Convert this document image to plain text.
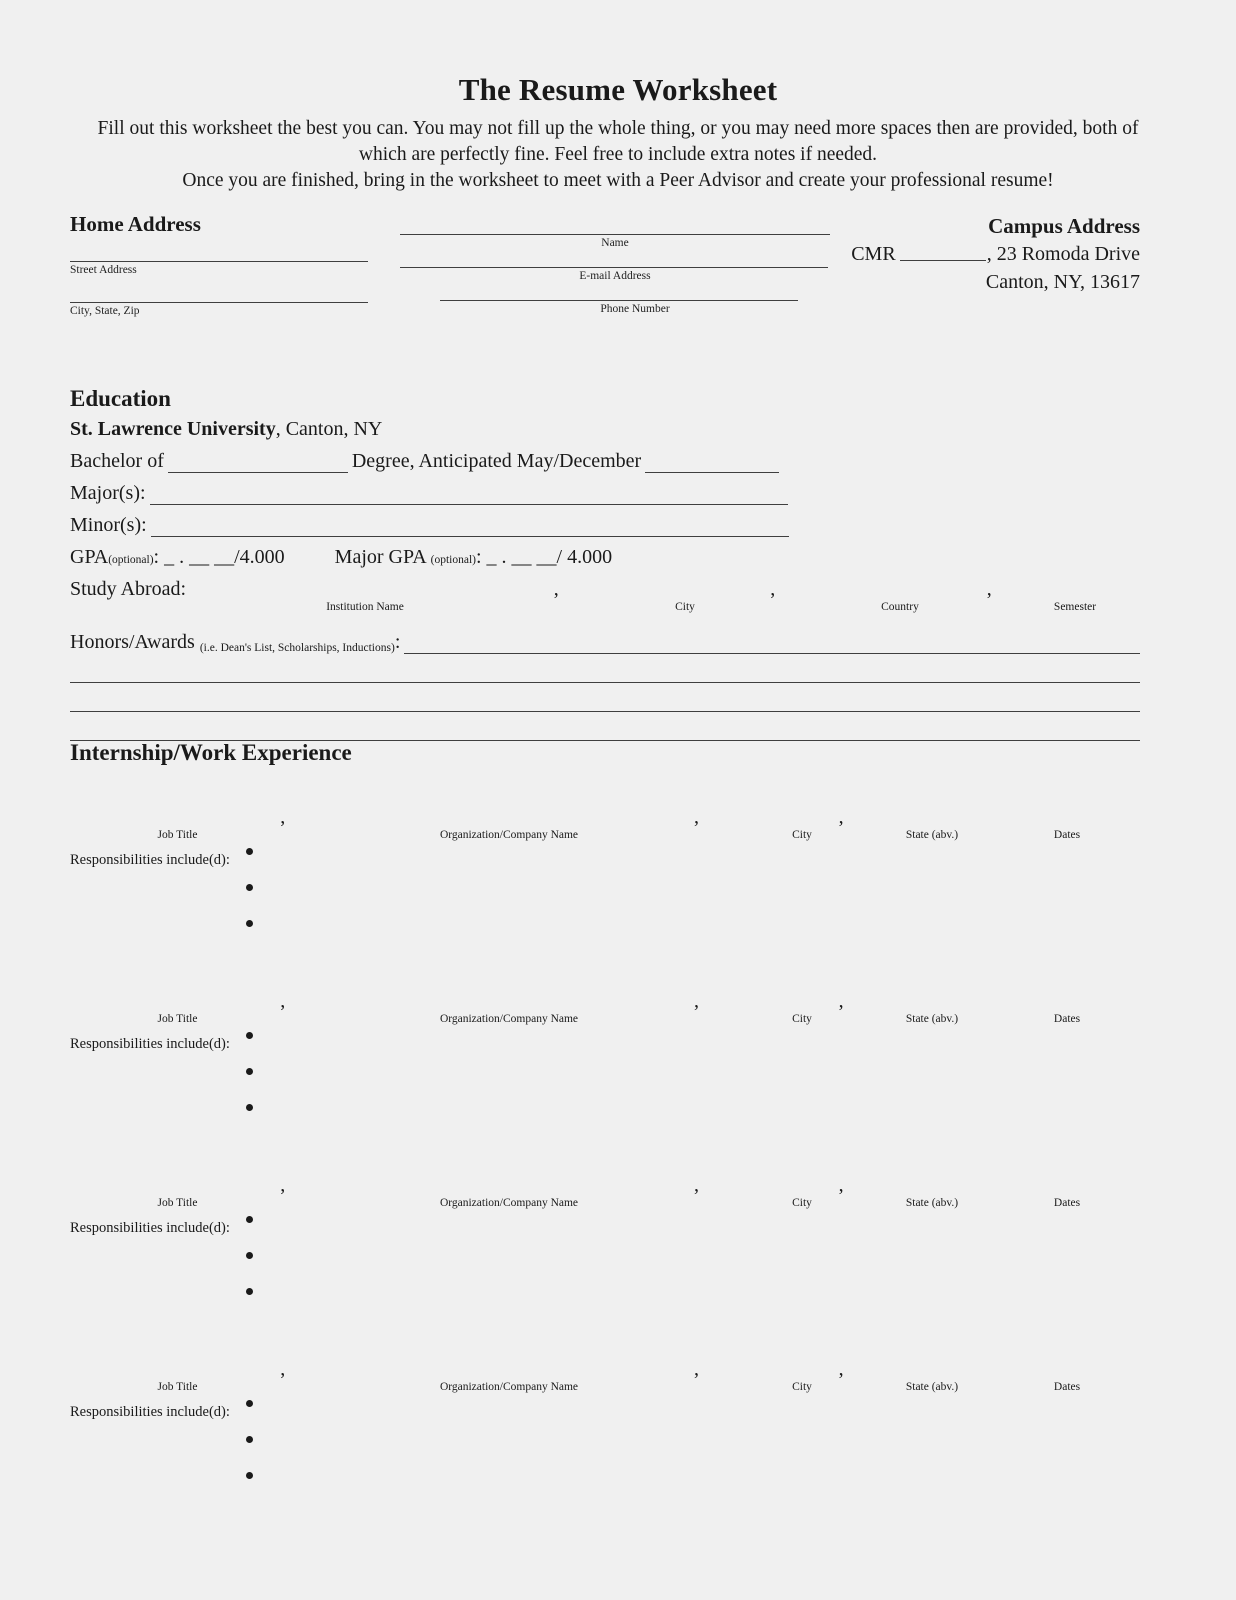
The Resume Worksheet
Fill out this worksheet the best you can. You may not fill up the whole thing, or you may need more spaces then are provided, both of
which are perfectly fine. Feel free to include extra notes if needed.
Once you are finished, bring in the worksheet to meet with a Peer Advisor and create your professional resume!
Home Address
Street Address
City, State, Zip
Name
E-mail Address
Phone Number
Campus Address
CMR	, 23 Romoda Drive
Canton, NY, 13617
Education
St. Lawrence University, Canton, NY
Bachelor of	Degree, Anticipated May/December
Major(s):
Minor(s):
GPA(optional): _ . __ __/4.000	Major GPA (optional): _ . __ __/ 4.000
Study Abroad:	,	,	,
Institution Name	City	Country	Semester
Honors/Awards
(i.e. Dean's List, Scholarships, Inductions) :
Internship/Work Experience
,	,	,
Job Title	Organization/Company Name	City	State (abv.)	Dates
Responsibilities include(d):
,	,	,
Job Title	Organization/Company Name	City	State (abv.)	Dates
Responsibilities include(d):
,	,	,
Job Title	Organization/Company Name	City	State (abv.)	Dates
Responsibilities include(d):
,	,	,
Job Title	Organization/Company Name	City	State (abv.)	Dates
Responsibilities include(d):
